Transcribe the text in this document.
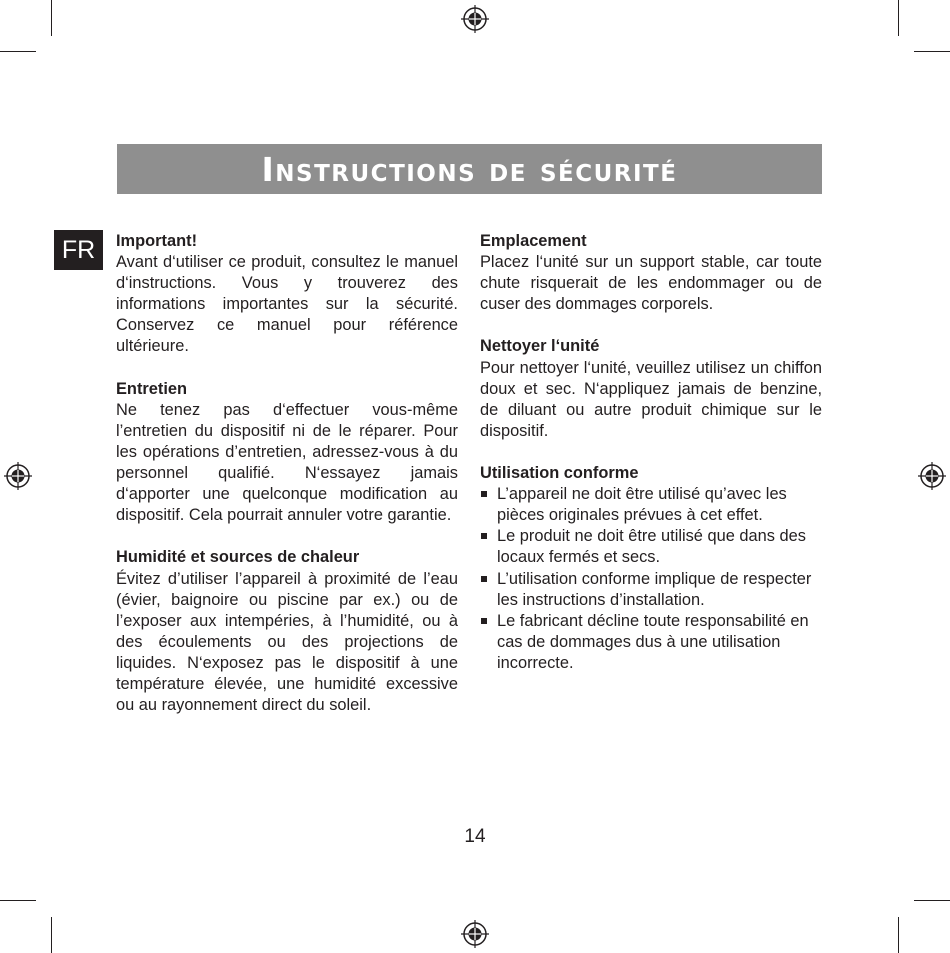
Instructions de sécurité
FR	Important!

Avant d‘utiliser ce produit, consultez le manuel d‘instructions. Vous y trouverez des informations importantes sur la sécurité. Conservez ce manuel pour référence ultérieure.

Entretien

Ne tenez pas d‘effectuer vous-même l’entretien du dispositif ni de le réparer. Pour les opérations d’entretien, adressez-vous à du personnel qualifié. N‘essayez jamais d‘apporter une quelconque modification au dispositif. Cela pourrait annuler votre garantie.

Humidité et sources de chaleur

Évitez d’utiliser l’appareil à proximité de l’eau (évier, baignoire ou piscine par ex.) ou de l’exposer aux intempéries, à l’humidité, ou à des écoulements ou des projections de liquides. N‘exposez pas le dispositif à une température élevée, une humidité excessive ou au rayonnement direct du soleil.

Emplacement

Placez l‘unité sur un support stable, car toute chute risquerait de les endommager ou de cuser des dommages corporels.

Nettoyer l‘unité

Pour nettoyer l‘unité, veuillez utilisez un chiffon doux et sec. N‘appliquez jamais de benzine, de diluant ou autre produit chimique sur le dispositif.

Utilisation conforme
L’appareil ne doit être utilisé qu’avec les pièces originales prévues à cet effet.
Le produit ne doit être utilisé que dans des locaux fermés et secs.
L’utilisation conforme implique de respecter les instructions d’installation.
Le fabricant décline toute responsabilité en cas de dommages dus à une utilisation incorrecte.
14
